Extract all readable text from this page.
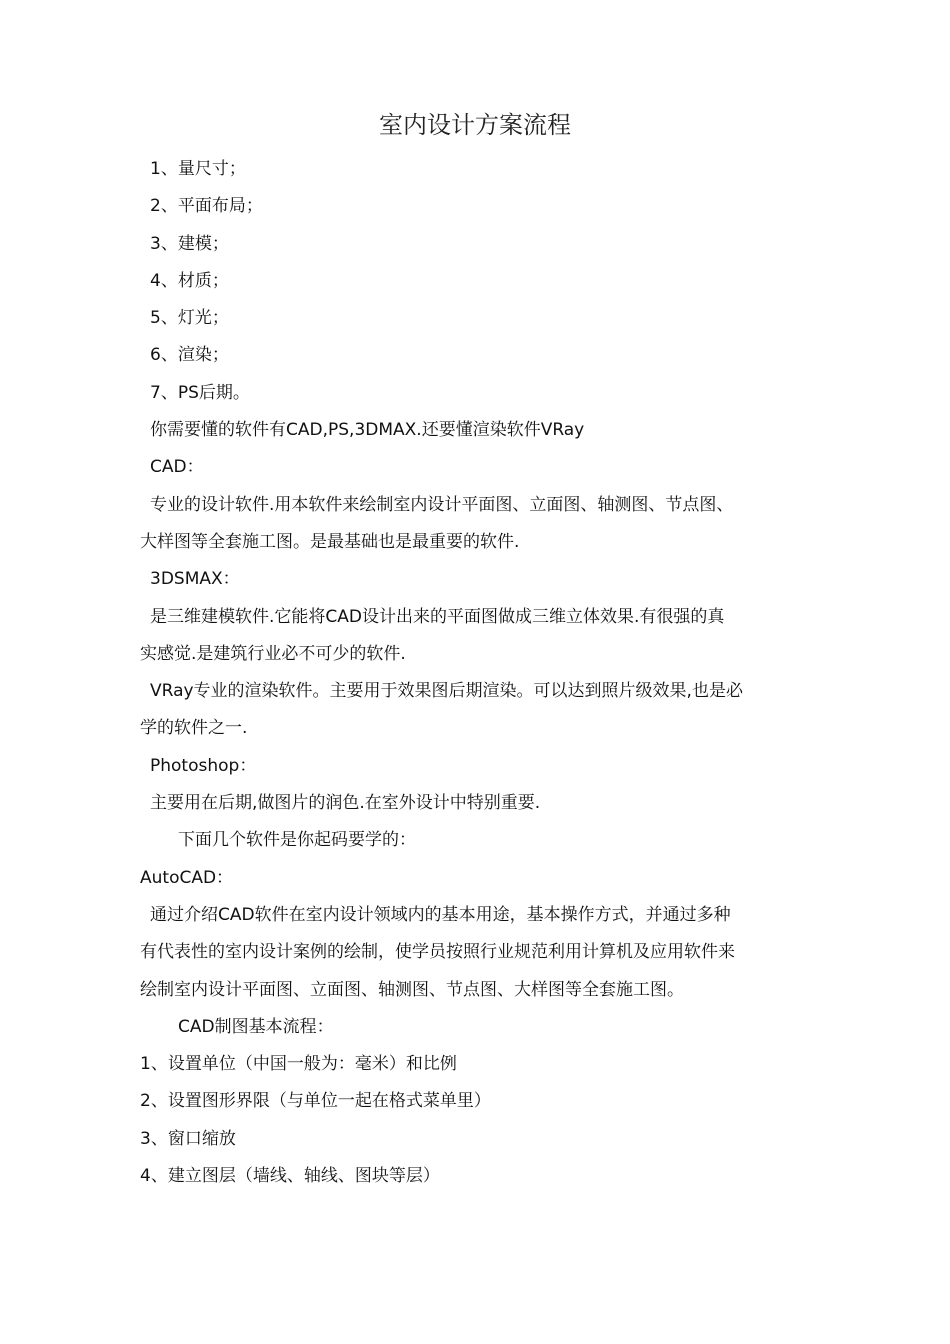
室内设计方案流程
1、量尺寸；
2、平面布局；
3、建模；
4、材质；
5、灯光；
6、渲染；
7、PS后期。
你需要懂的软件有CAD,PS,3DMAX.还要懂渲染软件VRay
CAD：
专业的设计软件.用本软件来绘制室内设计平面图、立面图、轴测图、节点图、
大样图等全套施工图。是最基础也是最重要的软件.
3DSMAX：
是三维建模软件.它能将CAD设计出来的平面图做成三维立体效果.有很强的真
实感觉.是建筑行业必不可少的软件.
VRay专业的渲染软件。主要用于效果图后期渲染。可以达到照片级效果,也是必
学的软件之一.
Photoshop：
主要用在后期,做图片的润色.在室外设计中特别重要.
下面几个软件是你起码要学的：
AutoCAD：
通过介绍CAD软件在室内设计领域内的基本用途，基本操作方式，并通过多种
有代表性的室内设计案例的绘制，使学员按照行业规范利用计算机及应用软件来
绘制室内设计平面图、立面图、轴测图、节点图、大样图等全套施工图。
CAD制图基本流程：
1、设置单位（中国一般为：毫米）和比例
2、设置图形界限（与单位一起在格式菜单里）
3、窗口缩放
4、建立图层（墙线、轴线、图块等层）
